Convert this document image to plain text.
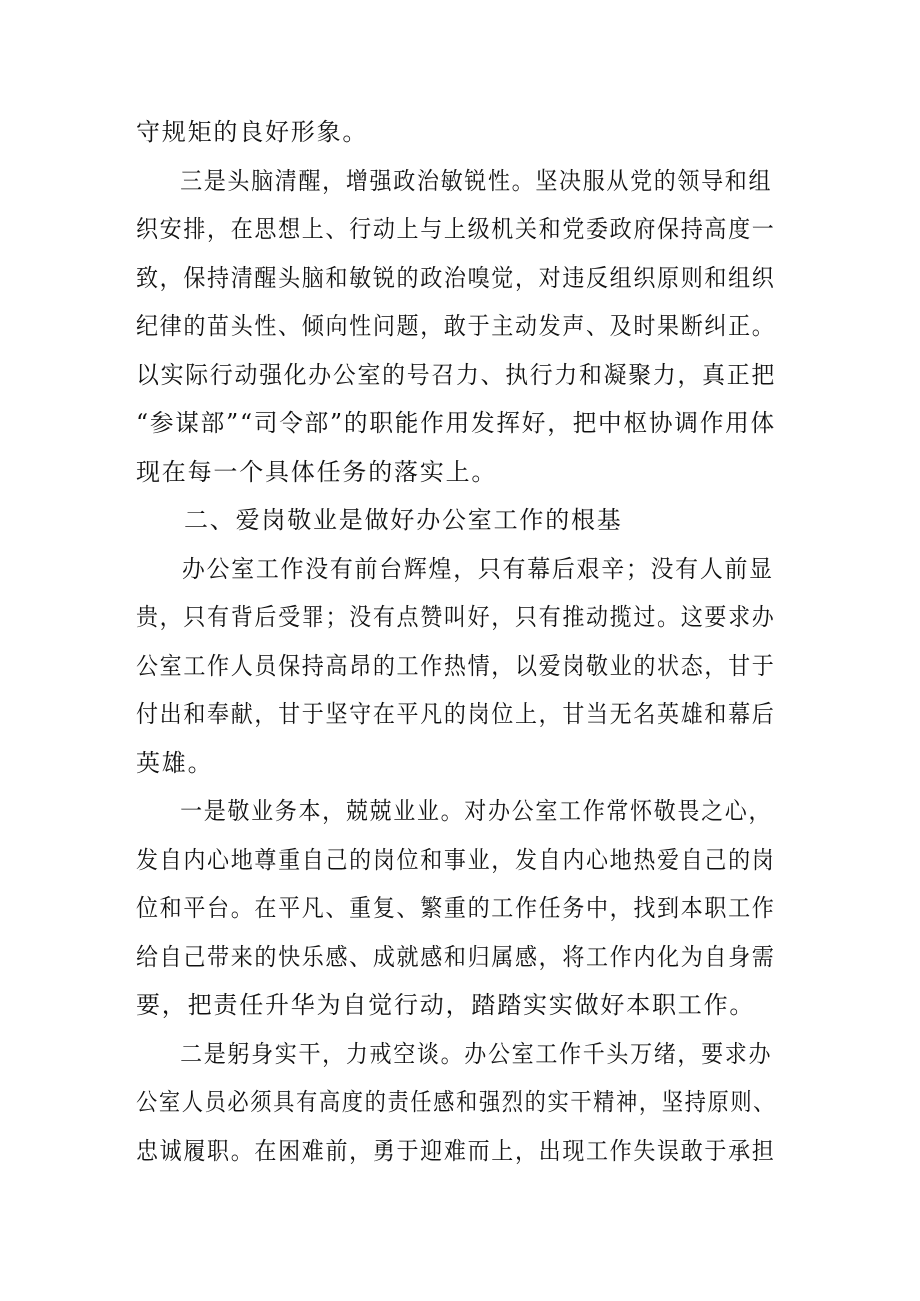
守规矩的良好形象。
三是头脑清醒，增强政治敏锐性。坚决服从党的领导和组
织安排，在思想上、行动上与上级机关和党委政府保持高度一
致，保持清醒头脑和敏锐的政治嗅觉，对违反组织原则和组织
纪律的苗头性、倾向性问题，敢于主动发声、及时果断纠正。
以实际行动强化办公室的号召力、执行力和凝聚力，真正把
“参谋部”“司令部”的职能作用发挥好，把中枢协调作用体
现在每一个具体任务的落实上。
二、爱岗敬业是做好办公室工作的根基
办公室工作没有前台辉煌，只有幕后艰辛；没有人前显
贵，只有背后受罪；没有点赞叫好，只有推动揽过。这要求办
公室工作人员保持高昂的工作热情，以爱岗敬业的状态，甘于
付出和奉献，甘于坚守在平凡的岗位上，甘当无名英雄和幕后
英雄。
一是敬业务本，兢兢业业。对办公室工作常怀敬畏之心，
发自内心地尊重自己的岗位和事业，发自内心地热爱自己的岗
位和平台。在平凡、重复、繁重的工作任务中，找到本职工作
给自己带来的快乐感、成就感和归属感，将工作内化为自身需
要，把责任升华为自觉行动，踏踏实实做好本职工作。
二是躬身实干，力戒空谈。办公室工作千头万绪，要求办
公室人员必须具有高度的责任感和强烈的实干精神，坚持原则、
忠诚履职。在困难前，勇于迎难而上，出现工作失误敢于承担
